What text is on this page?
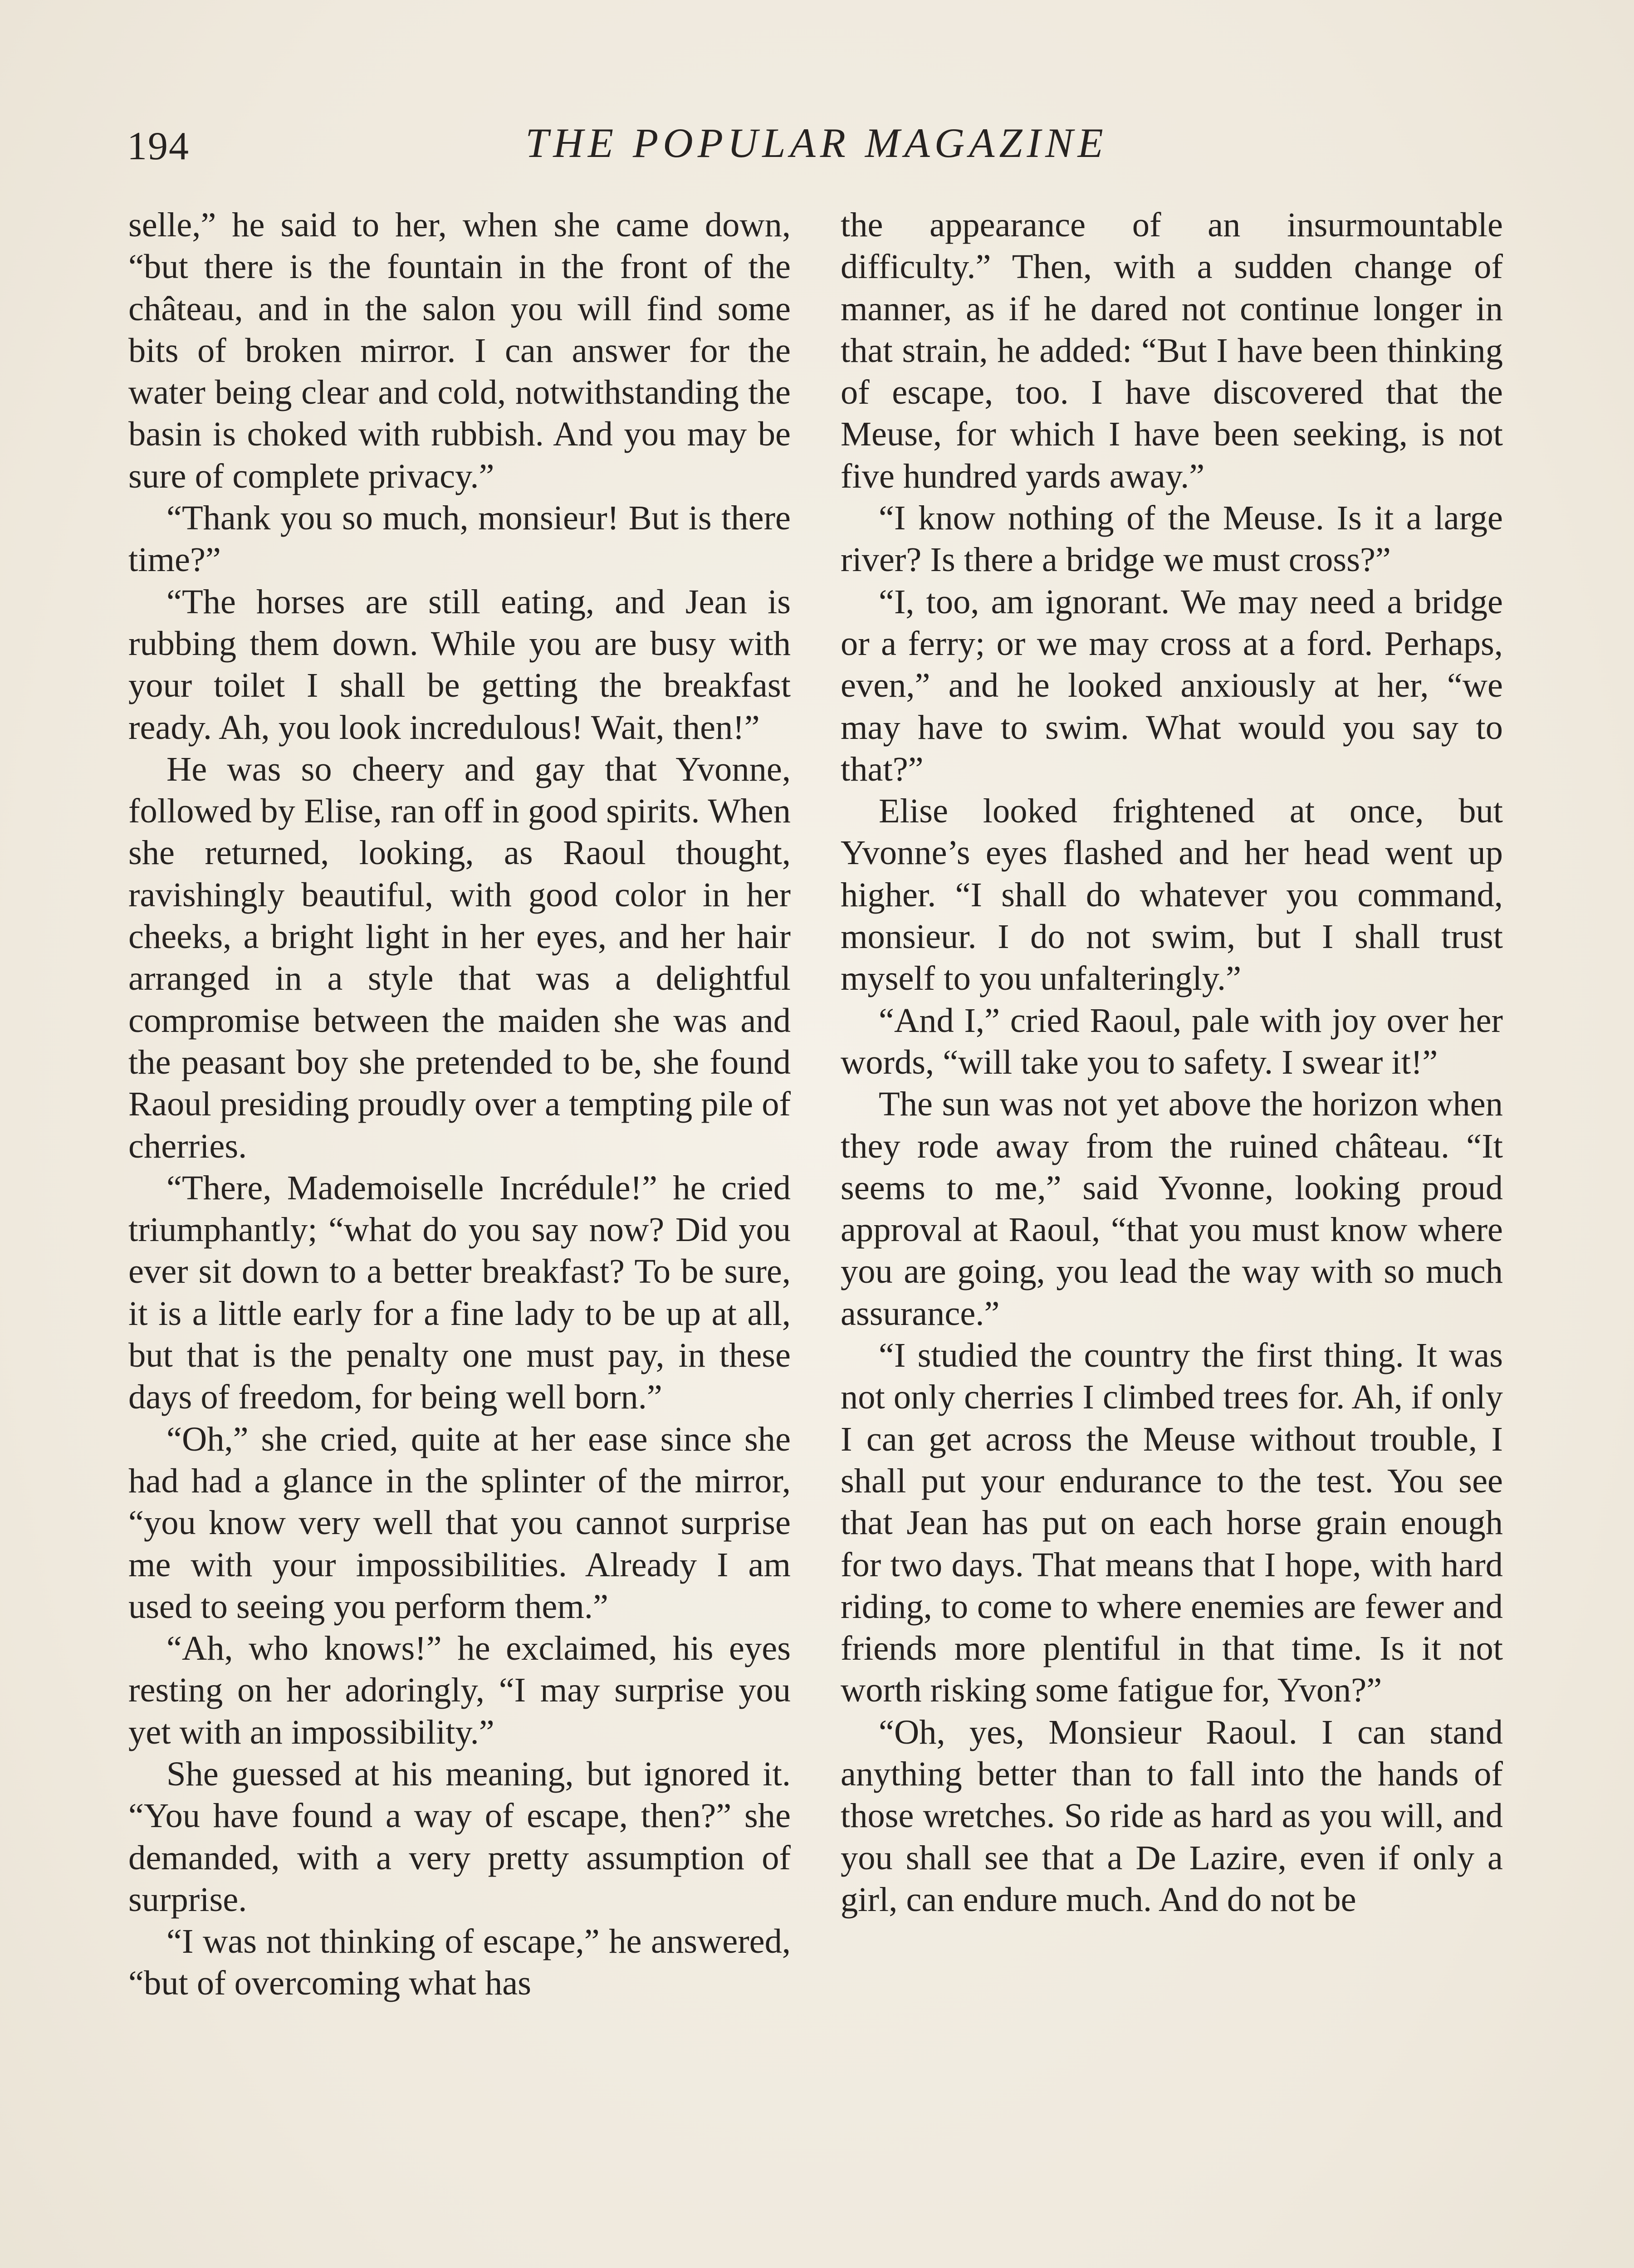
194	THE POPULAR MAGAZINE

selle,” he said to her, when she came down, “but there is the fountain in the front of the château, and in the salon you will find some bits of broken mirror. I can answer for the water being clear and cold, notwithstanding the basin is choked with rubbish. And you may be sure of complete privacy.”

“Thank you so much, monsieur! But is there time?”

“The horses are still eating, and Jean is rubbing them down. While you are busy with your toilet I shall be getting the breakfast ready. Ah, you look incredulous! Wait, then!”

He was so cheery and gay that Yvonne, followed by Elise, ran off in good spirits. When she returned, looking, as Raoul thought, ravishingly beautiful, with good color in her cheeks, a bright light in her eyes, and her hair arranged in a style that was a delightful compromise between the maiden she was and the peasant boy she pretended to be, she found Raoul presiding proudly over a tempting pile of cherries.

“There, Mademoiselle Incrédule!” he cried triumphantly; “what do you say now? Did you ever sit down to a better breakfast? To be sure, it is a little early for a fine lady to be up at all, but that is the penalty one must pay, in these days of freedom, for being well born.”

“Oh,” she cried, quite at her ease since she had had a glance in the splinter of the mirror, “you know very well that you cannot surprise me with your impossibilities. Already I am used to seeing you perform them.”

“Ah, who knows!” he exclaimed, his eyes resting on her adoringly, “I may surprise you yet with an impossibility.”

She guessed at his meaning, but ignored it. “You have found a way of escape, then?” she demanded, with a very pretty assumption of surprise.

“I was not thinking of escape,” he answered, “but of overcoming what has

the appearance of an insurmountable difficulty.” Then, with a sudden change of manner, as if he dared not continue longer in that strain, he added: “But I have been thinking of escape, too. I have discovered that the Meuse, for which I have been seeking, is not five hundred yards away.”

“I know nothing of the Meuse. Is it a large river? Is there a bridge we must cross?”

“I, too, am ignorant. We may need a bridge or a ferry; or we may cross at a ford. Perhaps, even,” and he looked anxiously at her, “we may have to swim. What would you say to that?”

Elise looked frightened at once, but Yvonne’s eyes flashed and her head went up higher. “I shall do whatever you command, monsieur. I do not swim, but I shall trust myself to you unfalteringly.”

“And I,” cried Raoul, pale with joy over her words, “will take you to safety. I swear it!”

The sun was not yet above the horizon when they rode away from the ruined château. “It seems to me,” said Yvonne, looking proud approval at Raoul, “that you must know where you are going, you lead the way with so much assurance.”

“I studied the country the first thing. It was not only cherries I climbed trees for. Ah, if only I can get across the Meuse without trouble, I shall put your endurance to the test. You see that Jean has put on each horse grain enough for two days. That means that I hope, with hard riding, to come to where enemies are fewer and friends more plentiful in that time. Is it not worth risking some fatigue for, Yvon?”

“Oh, yes, Monsieur Raoul. I can stand anything better than to fall into the hands of those wretches. So ride as hard as you will, and you shall see that a De Lazire, even if only a girl, can endure much. And do not be
